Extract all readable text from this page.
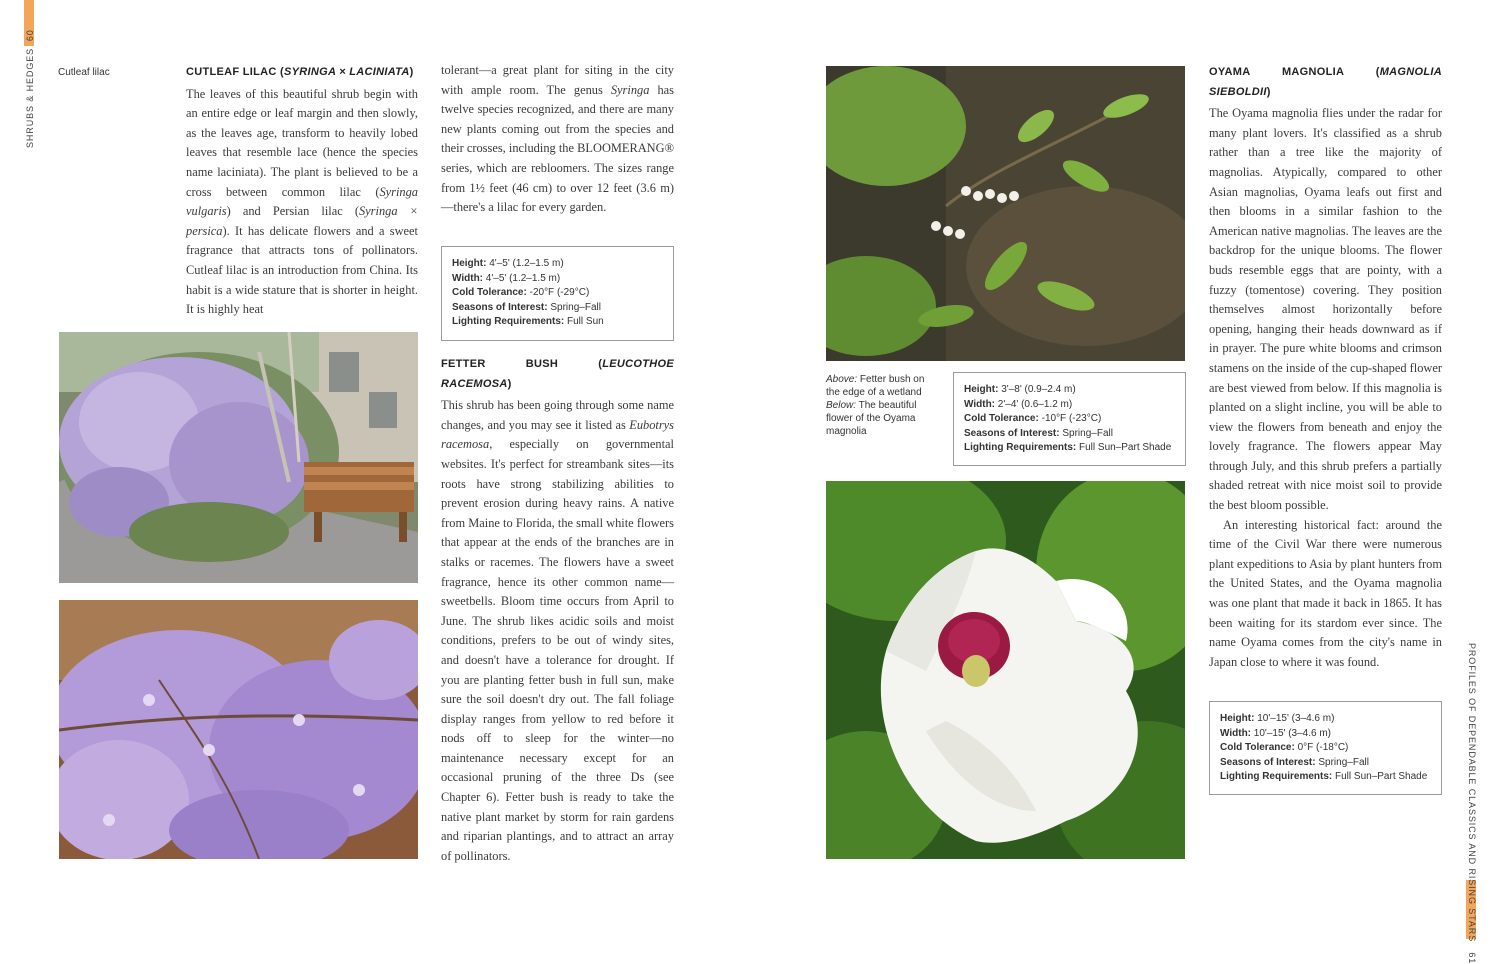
SHRUBS & HEDGES  60
PROFILES OF DEPENDABLE CLASSICS AND RISING STARS   61
Cutleaf lilac	CUTLEAF LILAC (SYRINGA × LACINIATA)

The leaves of this beautiful shrub begin with an entire edge or leaf margin and then slowly, as the leaves age, transform to heavily lobed leaves that resemble lace (hence the species name laciniata). The plant is believed to be a cross between common lilac (Syringa vulgaris) and Persian lilac (Syringa × persica). It has delicate flowers and a sweet fragrance that attracts tons of pollinators. Cutleaf lilac is an introduction from China. Its habit is a wide stature that is shorter in height. It is highly heat

tolerant—a great plant for siting in the city with ample room. The genus Syringa has twelve species recognized, and there are many new plants coming out from the species and their crosses, including the BLOOMERANG® series, which are rebloomers. The sizes range from 1½ feet (46 cm) to over 12 feet (3.6 m)—there's a lilac for every garden.

Height: 4'–5' (1.2–1.5 m)
Width: 4'–5' (1.2–1.5 m)
Cold Tolerance: -20°F (-29°C)
Seasons of Interest: Spring–Fall
Lighting Requirements: Full Sun
FETTER BUSH (LEUCOTHOE RACEMOSA)

This shrub has been going through some name changes, and you may see it listed as Eubotrys racemosa, especially on governmental websites. It's perfect for streambank sites—its roots have strong stabilizing abilities to prevent erosion during heavy rains. A native from Maine to Florida, the small white flowers that appear at the ends of the branches are in stalks or racemes. The flowers have a sweet fragrance, hence its other common name—sweetbells. Bloom time occurs from April to June. The shrub likes acidic soils and moist conditions, prefers to be out of windy sites, and doesn't have a tolerance for drought. If you are planting fetter bush in full sun, make sure the soil doesn't dry out. The fall foliage display ranges from yellow to red before it nods off to sleep for the winter—no maintenance necessary except for an occasional pruning of the three Ds (see Chapter 6). Fetter bush is ready to take the native plant market by storm for rain gardens and riparian plantings, and to attract an array of pollinators.

Above: Fetter bush on the edge of a wetland
Below: The beautiful flower of the Oyama magnolia
Height: 3'–8' (0.9–2.4 m)
Width: 2'–4' (0.6–1.2 m)
Cold Tolerance: -10°F (-23°C)
Seasons of Interest: Spring–Fall
Lighting Requirements: Full Sun–Part Shade
OYAMA MAGNOLIA (MAGNOLIA SIEBOLDII)

The Oyama magnolia flies under the radar for many plant lovers. It's classified as a shrub rather than a tree like the majority of magnolias. Atypically, compared to other Asian magnolias, Oyama leafs out first and then blooms in a similar fashion to the American native magnolias. The leaves are the backdrop for the unique blooms. The flower buds resemble eggs that are pointy, with a fuzzy (tomentose) covering. They position themselves almost horizontally before opening, hanging their heads downward as if in prayer. The pure white blooms and crimson stamens on the inside of the cup-shaped flower are best viewed from below. If this magnolia is planted on a slight incline, you will be able to view the flowers from beneath and enjoy the lovely fragrance. The flowers appear May through July, and this shrub prefers a partially shaded retreat with nice moist soil to provide the best bloom possible.

An interesting historical fact: around the time of the Civil War there were numerous plant expeditions to Asia by plant hunters from the United States, and the Oyama magnolia was one plant that made it back in 1865. It has been waiting for its stardom ever since. The name Oyama comes from the city's name in Japan close to where it was found.

Height: 10'–15' (3–4.6 m)
Width: 10'–15' (3–4.6 m)
Cold Tolerance: 0°F (-18°C)
Seasons of Interest: Spring–Fall
Lighting Requirements: Full Sun–Part Shade
